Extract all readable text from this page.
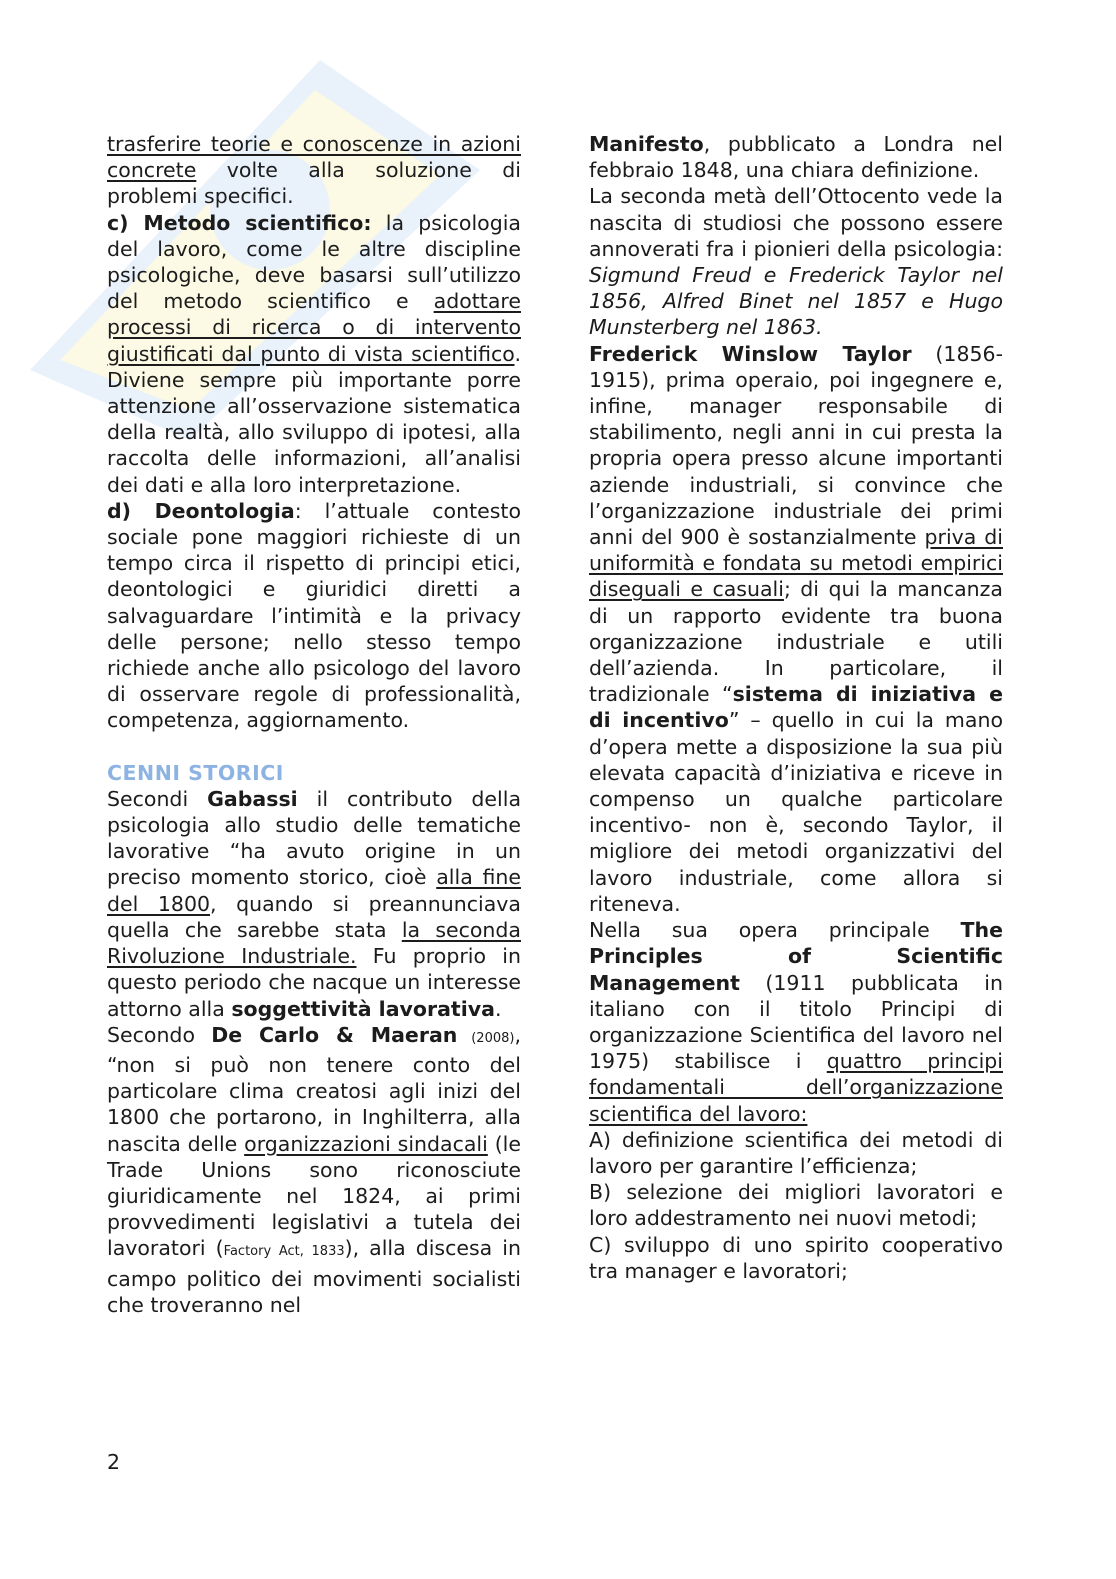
trasferire teorie e conoscenze in azioni concrete volte alla soluzione di problemi specifici.

c) Metodo scientifico: la psicologia del lavoro, come le altre discipline psicologiche, deve basarsi sull’utilizzo del metodo scientifico e adottare processi di ricerca o di intervento giustificati dal punto di vista scientifico. Diviene sempre più importante porre attenzione all’osservazione sistematica della realtà, allo sviluppo di ipotesi, alla raccolta delle informazioni, all’analisi dei dati e alla loro interpretazione.

d) Deontologia: l’attuale contesto sociale pone maggiori richieste di un tempo circa il rispetto di principi etici, deontologici e giuridici diretti a salvaguardare l’intimità e la privacy delle persone; nello stesso tempo richiede anche allo psicologo del lavoro di osservare regole di professionalità, competenza, aggiornamento.

CENNI STORICI

Secondi Gabassi il contributo della psicologia allo studio delle tematiche lavorative “ha avuto origine in un preciso momento storico, cioè alla fine del 1800, quando si preannunciava quella che sarebbe stata la seconda Rivoluzione Industriale. Fu proprio in questo periodo che nacque un interesse attorno alla soggettività lavorativa.

Secondo De Carlo & Maeran (2008), “non si può non tenere conto del particolare clima creatosi agli inizi del 1800 che portarono, in Inghilterra, alla nascita delle organizzazioni sindacali (le Trade Unions sono riconosciute giuridicamente nel 1824, ai primi provvedimenti legislativi a tutela dei lavoratori (Factory Act, 1833), alla discesa in campo politico dei movimenti socialisti che troveranno nel

Manifesto, pubblicato a Londra nel febbraio 1848, una chiara definizione.

La seconda metà dell’Ottocento vede la nascita di studiosi che possono essere annoverati fra i pionieri della psicologia: Sigmund Freud e Frederick Taylor nel 1856, Alfred Binet nel 1857 e Hugo Munsterberg nel 1863.

Frederick Winslow Taylor (1856-1915), prima operaio, poi ingegnere e, infine, manager responsabile di stabilimento, negli anni in cui presta la propria opera presso alcune importanti aziende industriali, si convince che l’organizzazione industriale dei primi anni del 900 è sostanzialmente priva di uniformità e fondata su metodi empirici diseguali e casuali; di qui la mancanza di un rapporto evidente tra buona organizzazione industriale e utili dell’azienda. In particolare, il tradizionale “sistema di iniziativa e di incentivo” – quello in cui la mano d’opera mette a disposizione la sua più elevata capacità d’iniziativa e riceve in compenso un qualche particolare incentivo- non è, secondo Taylor, il migliore dei metodi organizzativi del lavoro industriale, come allora si riteneva.

Nella sua opera principale The Principles of Scientific Management (1911 pubblicata in italiano con il titolo Principi di organizzazione Scientifica del lavoro nel 1975) stabilisce i quattro principi fondamentali dell’organizzazione scientifica del lavoro:

A) definizione scientifica dei metodi di lavoro per garantire l’efficienza;

B) selezione dei migliori lavoratori e loro addestramento nei nuovi metodi;

C) sviluppo di uno spirito cooperativo tra manager e lavoratori;

2
